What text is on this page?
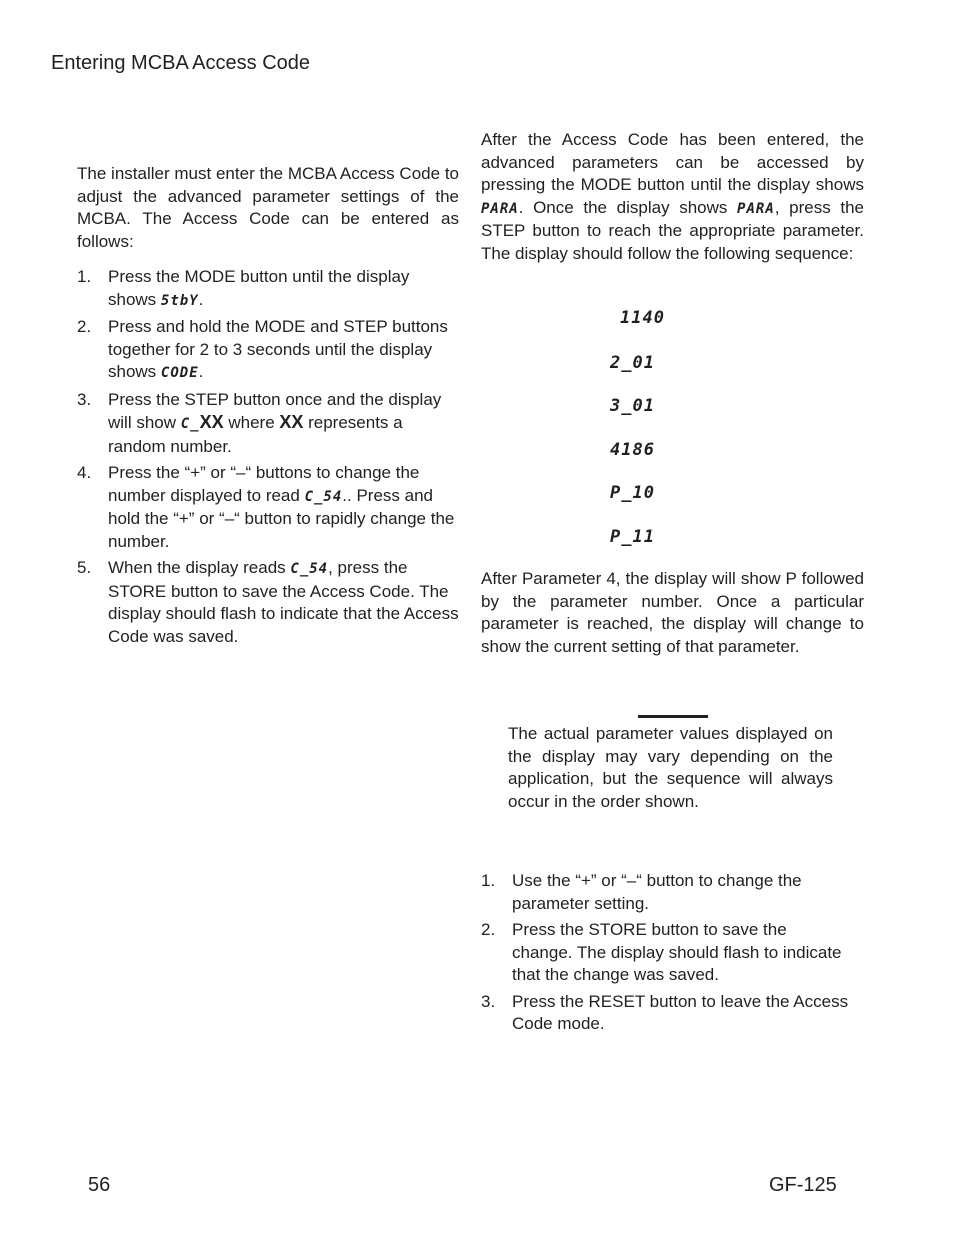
Entering MCBA Access Code

The installer must enter the MCBA Access Code to adjust the advanced parameter settings of the MCBA. The Access Code can be entered as follows:

1. Press the MODE button until the display shows 5tbY.
2. Press and hold the MODE and STEP buttons together for 2 to 3 seconds until the display shows CODE.
3. Press the STEP button once and the display will show C_XX where XX represents a random number.
4. Press the “+” or “–“ buttons to change the number displayed to read C_54.. Press and hold the “+” or “–“ button to rapidly change the number.
5. When the display reads C_54, press the STORE button to save the Access Code. The display should flash to indicate that the Access Code was saved.

After the Access Code has been entered, the advanced parameters can be accessed by pressing the MODE button until the display shows PARA. Once the display shows PARA, press the STEP button to reach the appropriate parameter. The display should follow the following sequence:

1140
2_01
3_01
4186
P_10
P_11

After Parameter 4, the display will show P followed by the parameter number. Once a particular parameter is reached, the display will change to show the current setting of that parameter.

The actual parameter values displayed on the display may vary depending on the application, but the sequence will always occur in the order shown.
1. Use the “+” or “–“ button to change the parameter setting.
2. Press the STORE button to save the change. The display should flash to indicate that the change was saved.
3. Press the RESET button to leave the Access Code mode.
56	GF-125
